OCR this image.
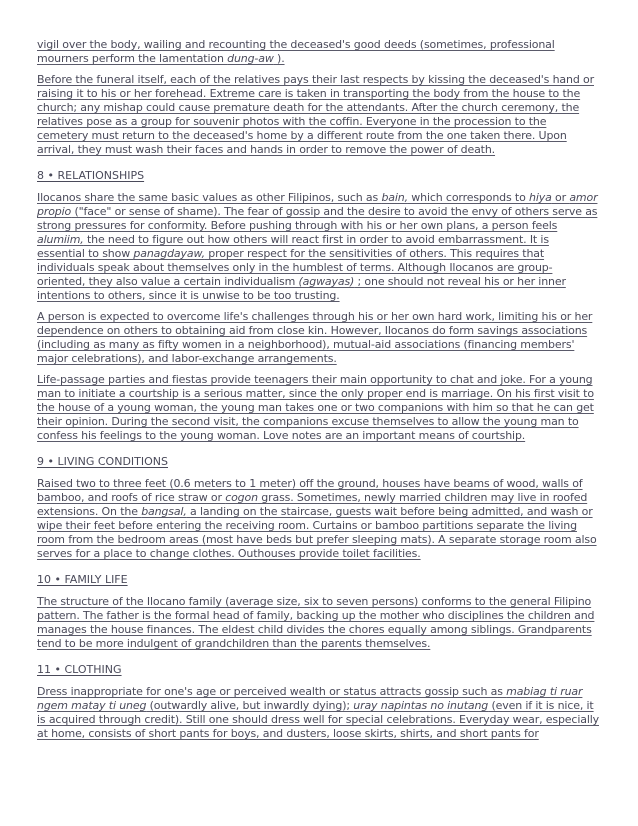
vigil over the body, wailing and recounting the deceased's good deeds (sometimes, professional mourners perform the lamentation dung-aw ).

Before the funeral itself, each of the relatives pays their last respects by kissing the deceased's hand or raising it to his or her forehead. Extreme care is taken in transporting the body from the house to the church; any mishap could cause premature death for the attendants. After the church ceremony, the relatives pose as a group for souvenir photos with the coffin. Everyone in the procession to the cemetery must return to the deceased's home by a different route from the one taken there. Upon arrival, they must wash their faces and hands in order to remove the power of death.

8 • RELATIONSHIPS

Ilocanos share the same basic values as other Filipinos, such as bain, which corresponds to hiya or amor propio ("face" or sense of shame). The fear of gossip and the desire to avoid the envy of others serve as strong pressures for conformity. Before pushing through with his or her own plans, a person feels alumiim, the need to figure out how others will react first in order to avoid embarrassment. It is essential to show panagdayaw, proper respect for the sensitivities of others. This requires that individuals speak about themselves only in the humblest of terms. Although Ilocanos are group-oriented, they also value a certain individualism (agwayas) ; one should not reveal his or her inner intentions to others, since it is unwise to be too trusting.

A person is expected to overcome life's challenges through his or her own hard work, limiting his or her dependence on others to obtaining aid from close kin. However, Ilocanos do form savings associations (including as many as fifty women in a neighborhood), mutual-aid associations (financing members' major celebrations), and labor-exchange arrangements.

Life-passage parties and fiestas provide teenagers their main opportunity to chat and joke. For a young man to initiate a courtship is a serious matter, since the only proper end is marriage. On his first visit to the house of a young woman, the young man takes one or two companions with him so that he can get their opinion. During the second visit, the companions excuse themselves to allow the young man to confess his feelings to the young woman. Love notes are an important means of courtship.

9 • LIVING CONDITIONS

Raised two to three feet (0.6 meters to 1 meter) off the ground, houses have beams of wood, walls of bamboo, and roofs of rice straw or cogon grass. Sometimes, newly married children may live in roofed extensions. On the bangsal, a landing on the staircase, guests wait before being admitted, and wash or wipe their feet before entering the receiving room. Curtains or bamboo partitions separate the living room from the bedroom areas (most have beds but prefer sleeping mats). A separate storage room also serves for a place to change clothes. Outhouses provide toilet facilities.

10 • FAMILY LIFE

The structure of the Ilocano family (average size, six to seven persons) conforms to the general Filipino pattern. The father is the formal head of family, backing up the mother who disciplines the children and manages the house finances. The eldest child divides the chores equally among siblings. Grandparents tend to be more indulgent of grandchildren than the parents themselves.

11 • CLOTHING

Dress inappropriate for one's age or perceived wealth or status attracts gossip such as mabiag ti ruar ngem matay ti uneg (outwardly alive, but inwardly dying); uray napintas no inutang (even if it is nice, it is acquired through credit). Still one should dress well for special celebrations. Everyday wear, especially at home, consists of short pants for boys, and dusters, loose skirts, shirts, and short pants for
